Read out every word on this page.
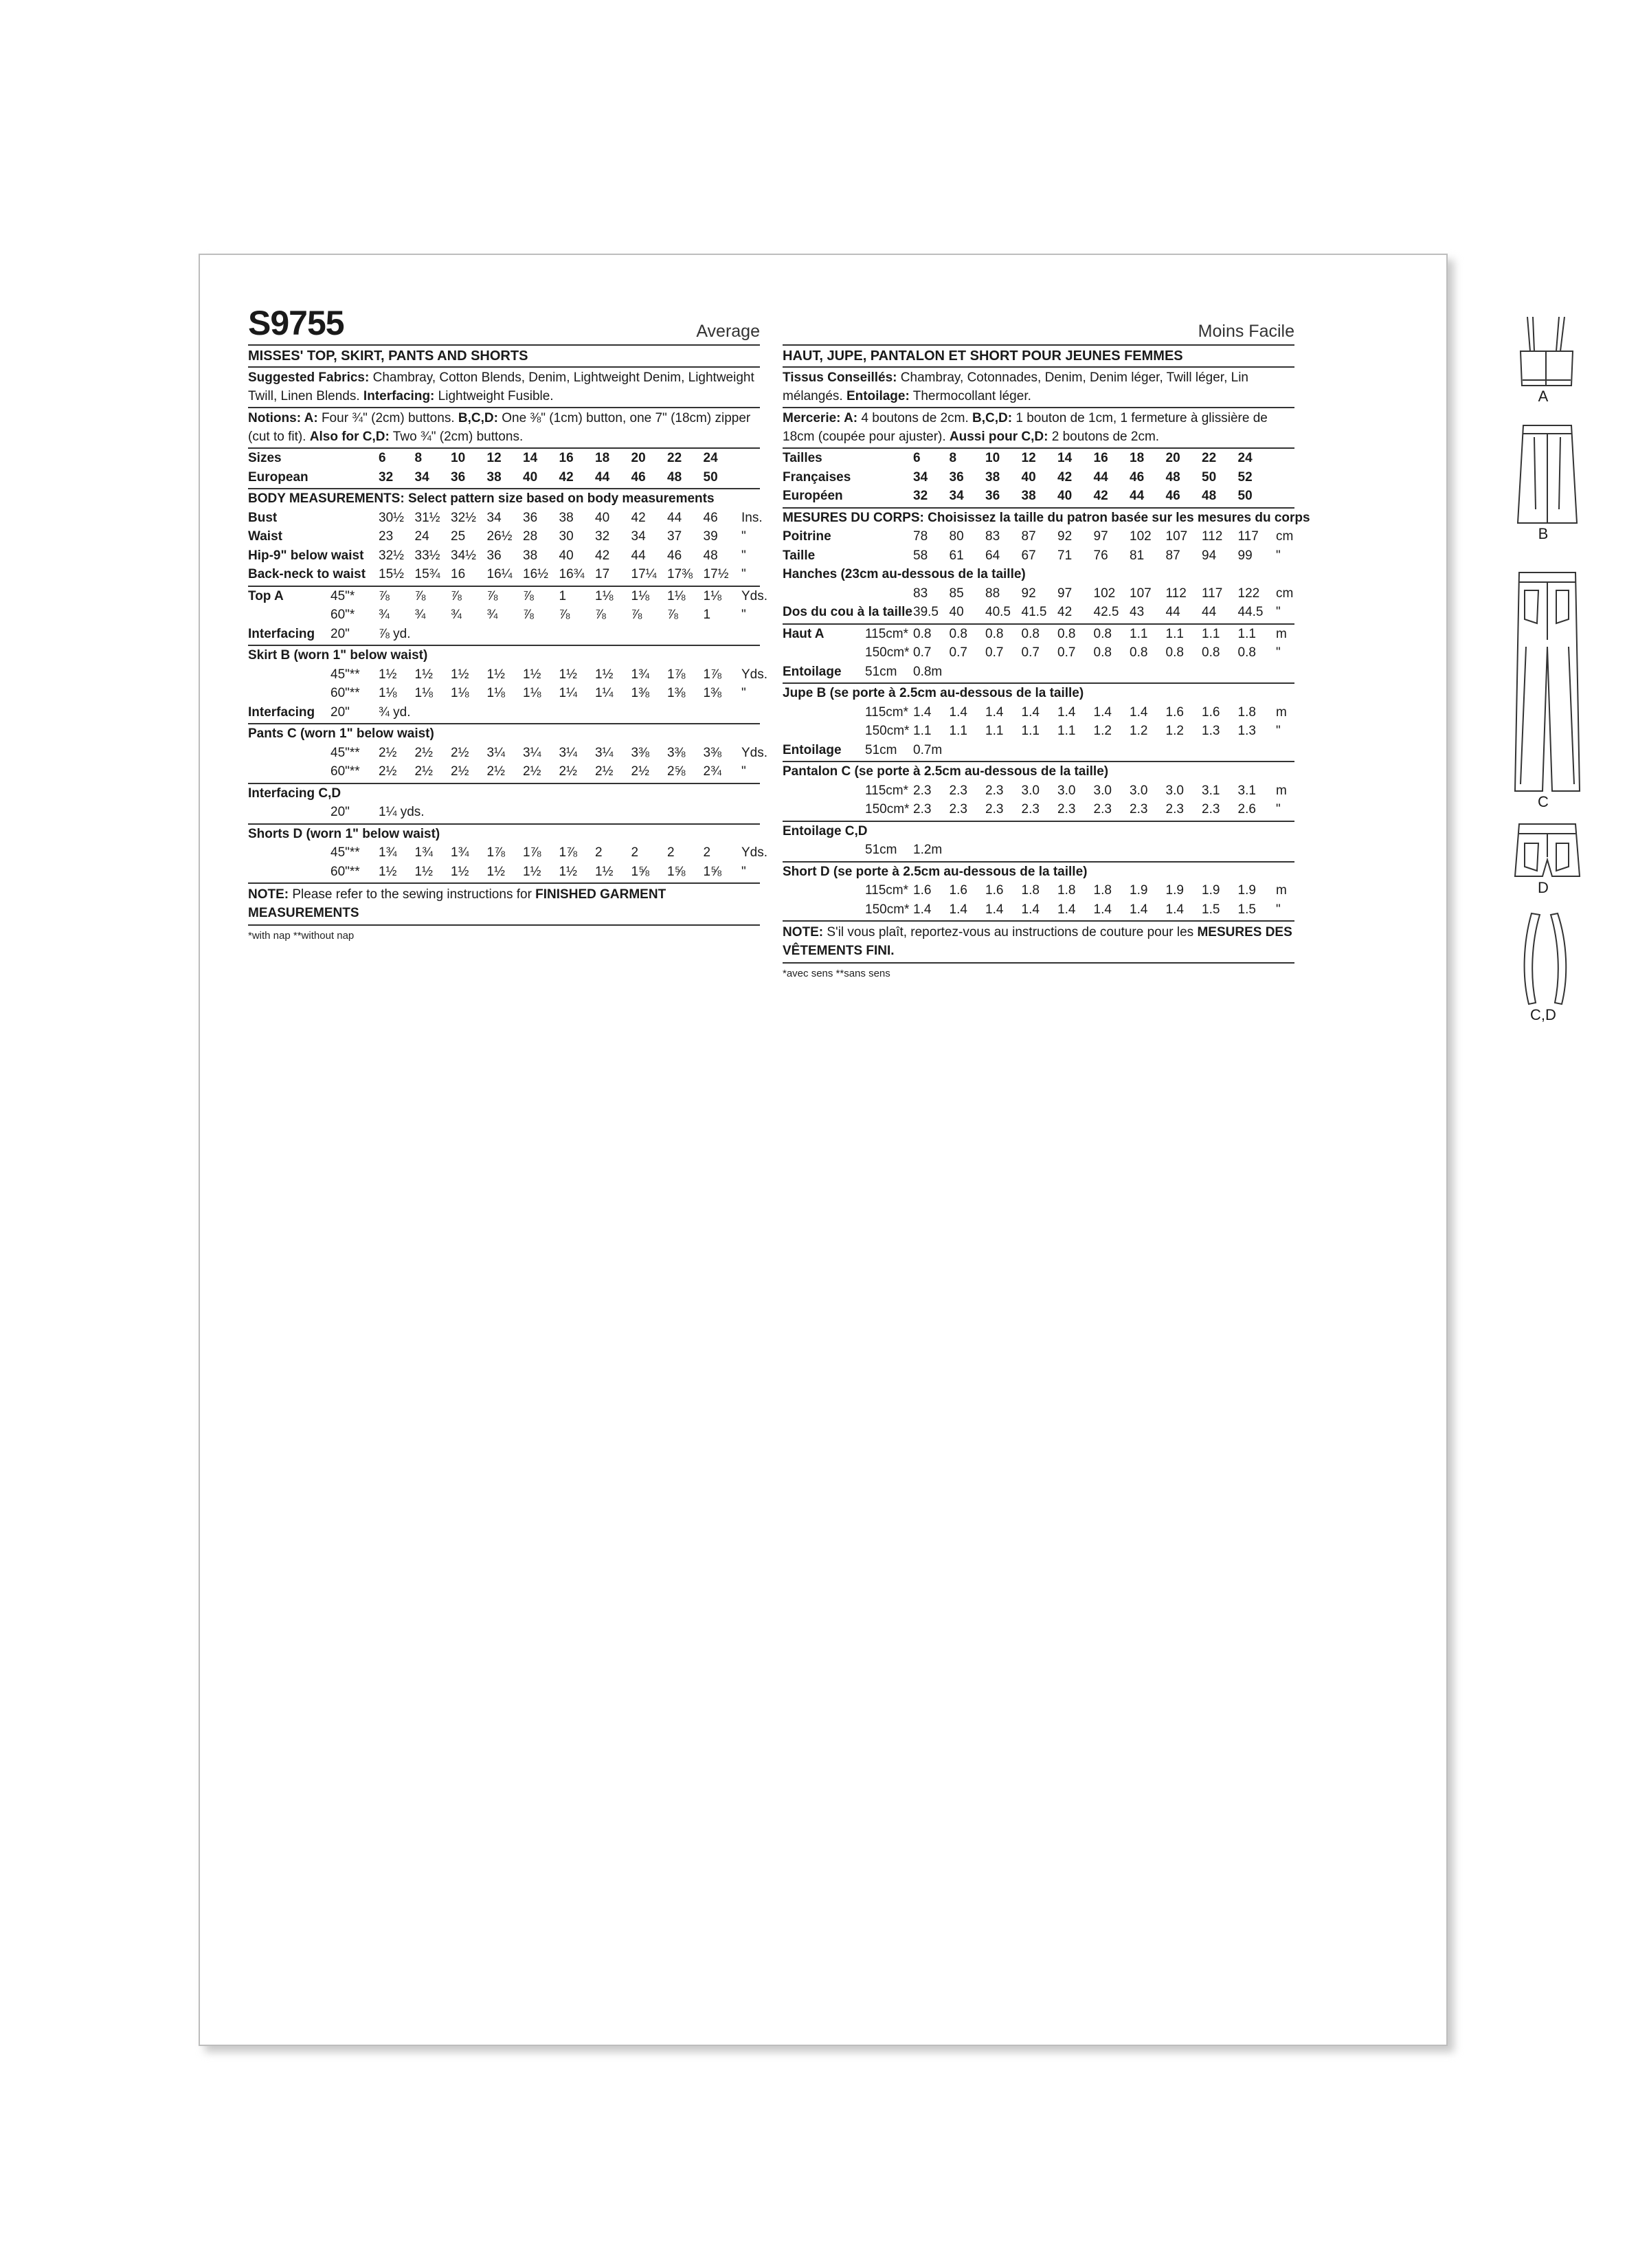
S9755	Average
MISSES' TOP, SKIRT, PANTS AND SHORTS
Suggested Fabrics: Chambray, Cotton Blends, Denim, Lightweight Denim, Lightweight Twill, Linen Blends. Interfacing: Lightweight Fusible.
Notions: A: Four ¾" (2cm) buttons. B,C,D: One ⅜" (1cm) button, one 7" (18cm) zipper (cut to fit). Also for C,D: Two ¾" (2cm) buttons.
Sizes	6 8 10 12 14 16 18 20 22 24
European	32 34 36 38 40 42 44 46 48 50
BODY MEASUREMENTS: Select pattern size based on body measurements
Bust	30½ 31½ 32½ 34 36 38 40 42 44 46 Ins.
Waist	23 24 25 26½ 28 30 32 34 37 39 "
Hip-9" below waist 32½ 33½ 34½ 36 38 40 42 44 46 48 "
Back-neck to waist 15½ 15¾ 16 16¼ 16½ 16¾ 17 17¼ 17⅜ 17½ "
Top A	45"* ⅞ ⅞ ⅞ ⅞ ⅞ 1 1⅛ 1⅛ 1⅛ 1⅛ Yds.
60"* ¾ ¾ ¾ ¾ ⅞ ⅞ ⅞ ⅞ ⅞ 1 "
Interfacing 20" ⅞ yd.
Skirt B (worn 1" below waist)
45"** 1½ 1½ 1½ 1½ 1½ 1½ 1½ 1¾ 1⅞ 1⅞ Yds.
60"** 1⅛ 1⅛ 1⅛ 1⅛ 1⅛ 1¼ 1¼ 1⅜ 1⅜ 1⅜ "
Interfacing 20" ¾ yd.
Pants C (worn 1" below waist)
45"** 2½ 2½ 2½ 3¼ 3¼ 3¼ 3¼ 3⅜ 3⅜ 3⅜ Yds.
60"** 2½ 2½ 2½ 2½ 2½ 2½ 2½ 2½ 2⅝ 2¾ "
Interfacing C,D
20" 1¼ yds.
Shorts D (worn 1" below waist)
45"** 1¾ 1¾ 1¾ 1⅞ 1⅞ 1⅞ 2 2 2 2 Yds.
60"** 1½ 1½ 1½ 1½ 1½ 1½ 1½ 1⅝ 1⅝ 1⅝ "
NOTE: Please refer to the sewing instructions for FINISHED GARMENT MEASUREMENTS
*with nap **without nap
Moins Facile
HAUT, JUPE, PANTALON ET SHORT POUR JEUNES FEMMES
Tissus Conseillés: Chambray, Cotonnades, Denim, Denim léger, Twill léger, Lin mélangés. Entoilage: Thermocollant léger.
Mercerie: A: 4 boutons de 2cm. B,C,D: 1 bouton de 1cm, 1 fermeture à glissière de 18cm (coupée pour ajuster). Aussi pour C,D: 2 boutons de 2cm.
Tailles	6 8 10 12 14 16 18 20 22 24
Françaises	34 36 38 40 42 44 46 48 50 52
Européen	32 34 36 38 40 42 44 46 48 50
MESURES DU CORPS: Choisissez la taille du patron basée sur les mesures du corps
Poitrine	78 80 83 87 92 97 102 107 112 117 cm
Taille	58 61 64 67 71 76 81 87 94 99 "
Hanches (23cm au-dessous de la taille)
83 85 88 92 97 102 107 112 117 122 cm
Dos du cou à la taille 39.5 40 40.5 41.5 42 42.5 43 44 44 44.5 "
Haut A	115cm* 0.8 0.8 0.8 0.8 0.8 0.8 1.1 1.1 1.1 1.1 m
150cm* 0.7 0.7 0.7 0.7 0.7 0.8 0.8 0.8 0.8 0.8 "
Entoilage 51cm 0.8m
Jupe B (se porte à 2.5cm au-dessous de la taille)
115cm* 1.4 1.4 1.4 1.4 1.4 1.4 1.4 1.6 1.6 1.8 m
150cm* 1.1 1.1 1.1 1.1 1.1 1.2 1.2 1.2 1.3 1.3 "
Entoilage 51cm 0.7m
Pantalon C (se porte à 2.5cm au-dessous de la taille)
115cm* 2.3 2.3 2.3 3.0 3.0 3.0 3.0 3.0 3.1 3.1 m
150cm* 2.3 2.3 2.3 2.3 2.3 2.3 2.3 2.3 2.3 2.6 "
Entoilage C,D
51cm 1.2m
Short D (se porte à 2.5cm au-dessous de la taille)
115cm* 1.6 1.6 1.6 1.8 1.8 1.8 1.9 1.9 1.9 1.9 m
150cm* 1.4 1.4 1.4 1.4 1.4 1.4 1.4 1.4 1.5 1.5 "
NOTE: S'il vous plaît, reportez-vous au instructions de couture pour les MESURES DES VÊTEMENTS FINI.
*avec sens **sans sens
A
B
C
D
C,D
